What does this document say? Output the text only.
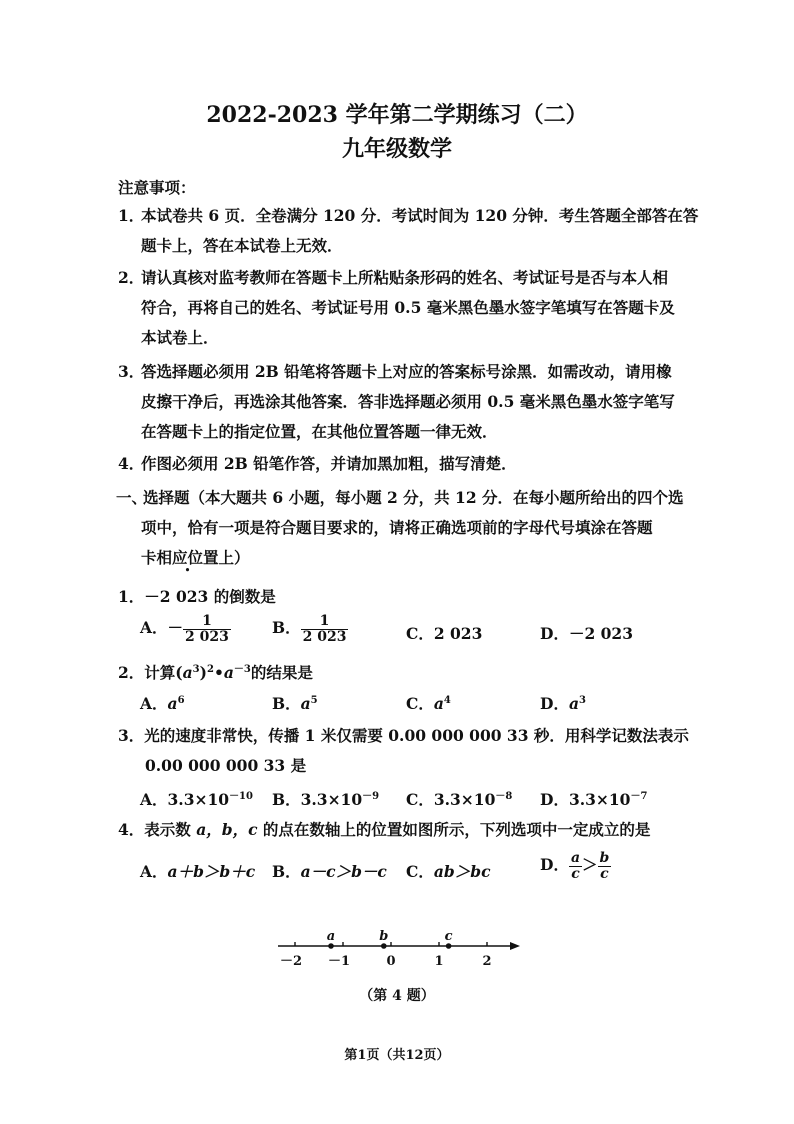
2022-2023 学年第二学期练习（二）
九年级数学
注意事项：
1．
本试卷共 6 页．全卷满分 120 分．考试时间为 120 分钟．考生答题全部答在答
题卡上，答在本试卷上无效．
2．
请认真核对监考教师在答题卡上所粘贴条形码的姓名、考试证号是否与本人相
符合，再将自己的姓名、考试证号用 0.5 毫米黑色墨水签字笔填写在答题卡及
本试卷上．
3．
答选择题必须用 2B 铅笔将答题卡上对应的答案标号涂黑．如需改动，请用橡
皮擦干净后，再选涂其他答案．答非选择题必须用 0.5 毫米黑色墨水签字笔写
在答题卡上的指定位置，在其他位置答题一律无效．
4．
作图必须用 2B 铅笔作答，并请加黑加粗，描写清楚．
一、
选择题（本大题共 6 小题，每小题 2 分，共 12 分．在每小题所给出的四个选
项中，恰有一项是符合题目要求的，请将正确选项前的字母代号填涂在答题
卡相应位置上 •）
1．－2 023 的倒数是
A．－ $\frac{1}{2 023}$	B． $\frac{1}{2 023}$	C．2 023	D．－2 023
2．计算$(a^3)^2•a^{-3}$的结果是
A．$a^6$	B．$a^5$	C．$a^4$	D．$a^3$
3．光的速度非常快，传播 1 米仅需要 0.00 000 000 33 秒．用科学记数法表示
0.00 000 000 33 是
A．$3.3\times 10^{-10}$ B．$3.3\times 10^{-9}$ C．$3.3\times 10^{-8}$ D．$3.3\times 10^{-7}$
4．表示数 a，b，c 的点在数轴上的位置如图所示，下列选项中一定成立的是
A．a＋b＞b＋c B．a－c＞b－c C．ab＞bc	D． $\frac{a}{c} > \frac{b}{c}$
－2 －1	0	1	2
a	b	c
（第 4 题）
第1页（共12页）
